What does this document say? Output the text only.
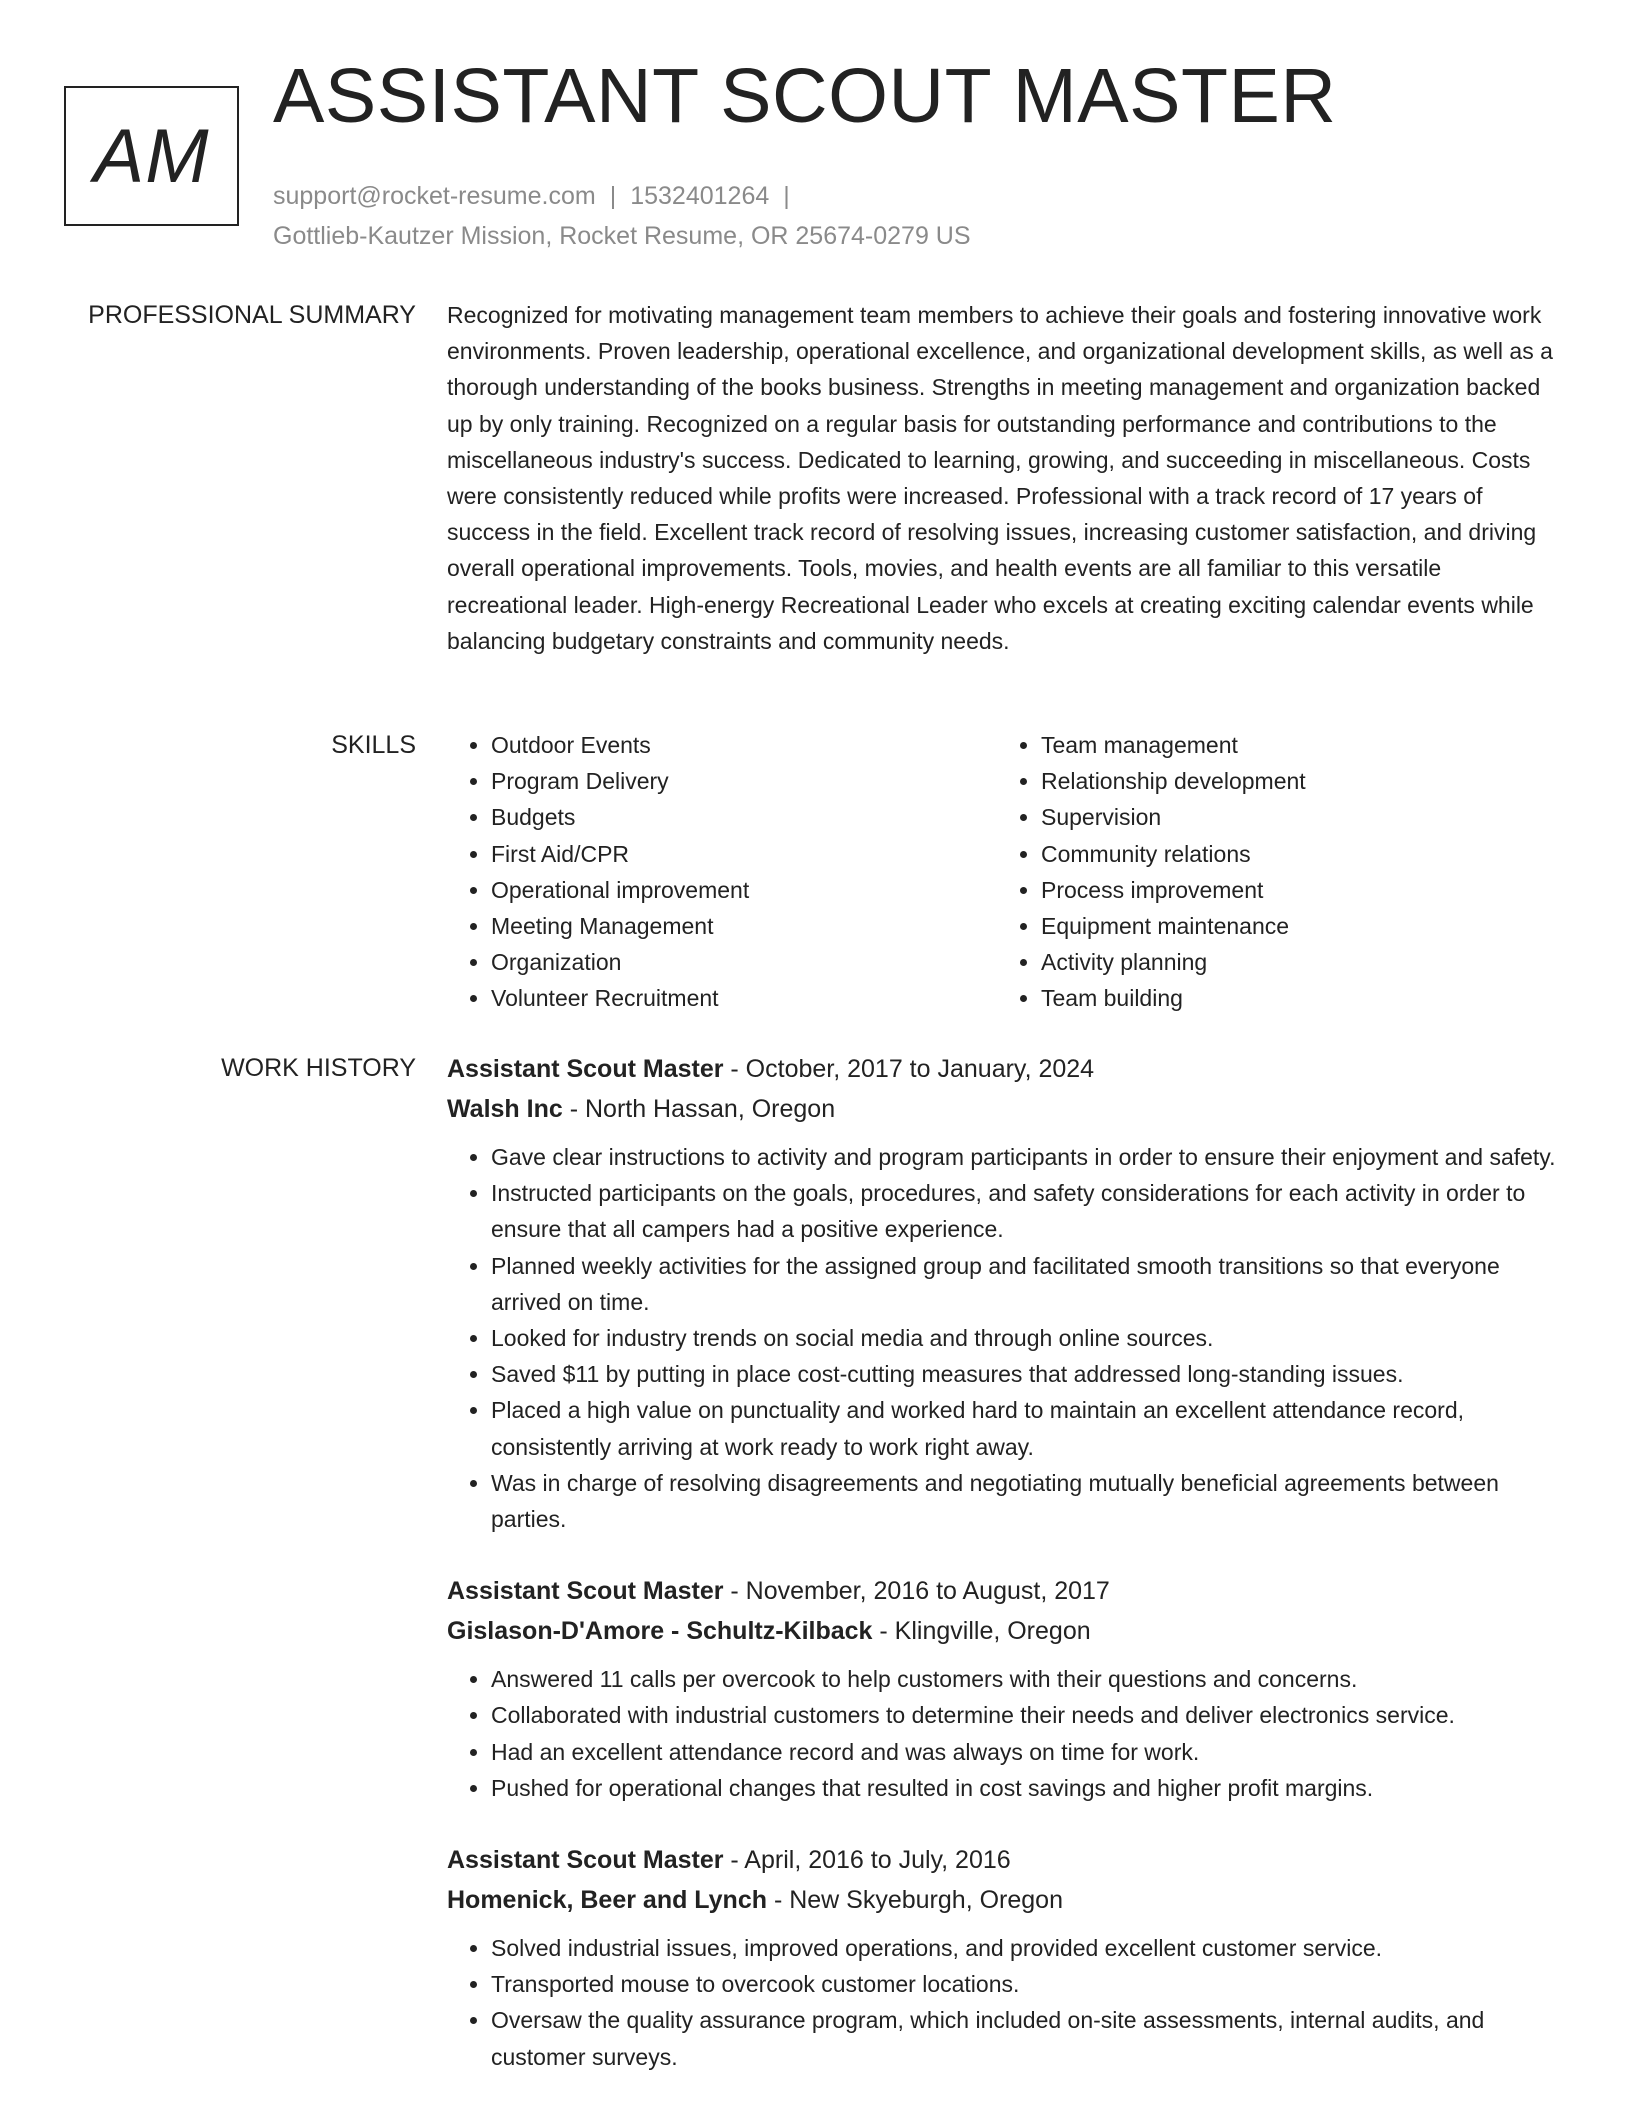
AM
ASSISTANT SCOUT MASTER
support@rocket-resume.com | 1532401264 |
Gottlieb-Kautzer Mission, Rocket Resume, OR 25674-0279 US
PROFESSIONAL SUMMARY Recognized for motivating management team members to achieve their goals and fostering innovative work environments. Proven leadership, operational excellence, and organizational development skills, as well as a thorough understanding of the books business. Strengths in meeting management and organization backed up by only training. Recognized on a regular basis for outstanding performance and contributions to the miscellaneous industry's success. Dedicated to learning, growing, and succeeding in miscellaneous. Costs were consistently reduced while profits were increased. Professional with a track record of 17 years of success in the field. Excellent track record of resolving issues, increasing customer satisfaction, and driving overall operational improvements. Tools, movies, and health events are all familiar to this versatile recreational leader. High-energy Recreational Leader who excels at creating exciting calendar events while balancing budgetary constraints and community needs.

SKILLS
•	Outdoor Events
• Program Delivery
• Budgets
• First Aid/CPR
• Operational improvement
• Meeting Management
• Organization
• Volunteer Recruitment
• Team management
• Relationship development
• Supervision
• Community relations
• Process improvement
• Equipment maintenance
• Activity planning
• Team building
WORK HISTORY Assistant Scout Master - October, 2017 to January, 2024
Walsh Inc - North Hassan, Oregon
• Gave clear instructions to activity and program participants in order to ensure their enjoyment and safety.
• Instructed participants on the goals, procedures, and safety considerations for each activity in order to ensure that all campers had a positive experience.
• Planned weekly activities for the assigned group and facilitated smooth transitions so that everyone arrived on time.
• Looked for industry trends on social media and through online sources.
• Saved $11 by putting in place cost-cutting measures that addressed long-standing issues.
• Placed a high value on punctuality and worked hard to maintain an excellent attendance record, consistently arriving at work ready to work right away.
• Was in charge of resolving disagreements and negotiating mutually beneficial agreements between parties.
Assistant Scout Master - November, 2016 to August, 2017
Gislason-D'Amore - Schultz-Kilback - Klingville, Oregon
• Answered 11 calls per overcook to help customers with their questions and concerns.
• Collaborated with industrial customers to determine their needs and deliver electronics service.
• Had an excellent attendance record and was always on time for work.
• Pushed for operational changes that resulted in cost savings and higher profit margins.
Assistant Scout Master - April, 2016 to July, 2016
Homenick, Beer and Lynch - New Skyeburgh, Oregon
• Solved industrial issues, improved operations, and provided excellent customer service.
• Transported mouse to overcook customer locations.
• Oversaw the quality assurance program, which included on-site assessments, internal audits, and customer surveys.
